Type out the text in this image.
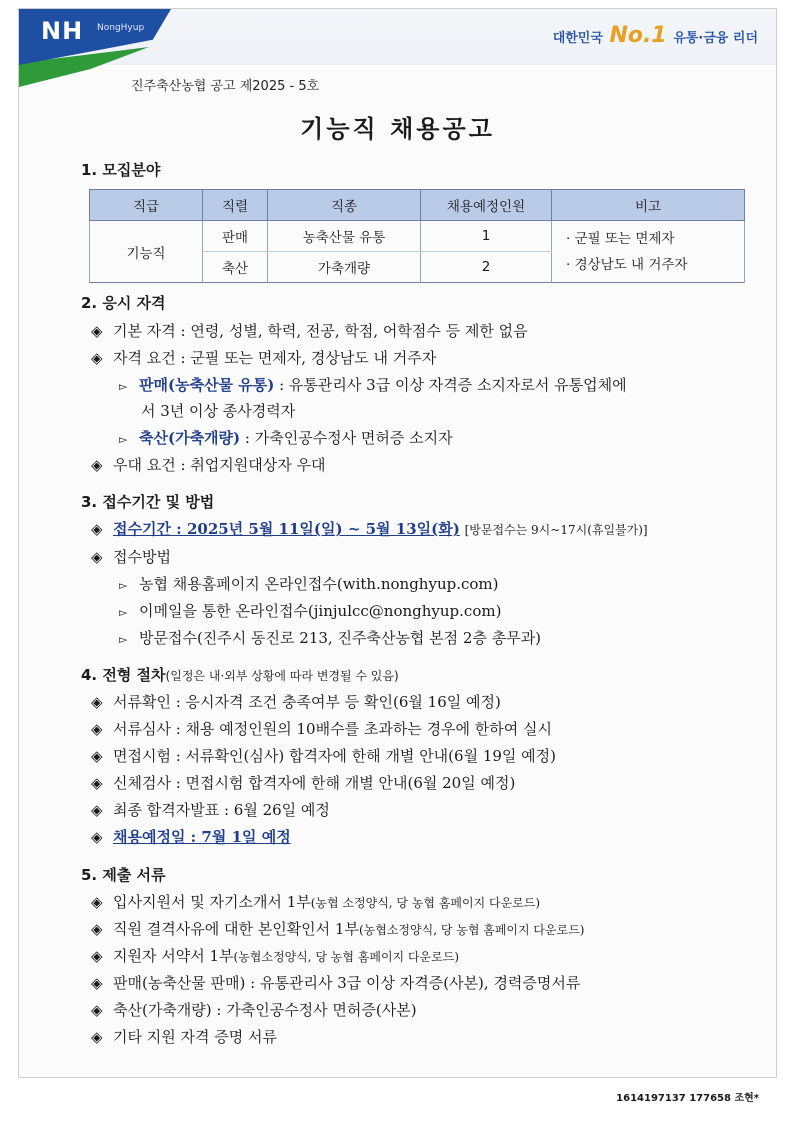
NH NongHyup
대한민국 No.1 유통·금융 리더
진주축산농협 공고 제2025 - 5호
기능직 채용공고
1. 모집분야
직급	직렬	직종	채용예정인원	비고
기능직	판매	농축산물 유통	1	· 군필 또는 면제자
· 경상남도 내 거주자

	축산	가축개량	2	
2. 응시 자격
◈ 기본 자격 : 연령, 성별, 학력, 전공, 학점, 어학점수 등 제한 없음
◈ 자격 요건 : 군필 또는 면제자, 경상남도 내 거주자
▻ 판매(농축산물 유통) : 유통관리사 3급 이상 자격증 소지자로서 유통업체에
서 3년 이상 종사경력자
▻ 축산(가축개량) : 가축인공수정사 면허증 소지자
◈ 우대 요건 : 취업지원대상자 우대
3. 접수기간 및 방법
◈ 접수기간 : 2025년 5월 11일(일) ~ 5월 13일(화) [방문접수는 9시~17시(휴일불가)]
◈ 접수방법
▻ 농협 채용홈페이지 온라인접수(with.nonghyup.com)
▻ 이메일을 통한 온라인접수(jinjulcc@nonghyup.com)
▻ 방문접수(진주시 동진로 213, 진주축산농협 본점 2층 총무과)
4. 전형 절차(일정은 내·외부 상황에 따라 변경될 수 있음)
◈ 서류확인 : 응시자격 조건 충족여부 등 확인(6월 16일 예정)
◈ 서류심사 : 채용 예정인원의 10배수를 초과하는 경우에 한하여 실시
◈ 면접시험 : 서류확인(심사) 합격자에 한해 개별 안내(6월 19일 예정)
◈ 신체검사 : 면접시험 합격자에 한해 개별 안내(6월 20일 예정)
◈ 최종 합격자발표 : 6월 26일 예정
◈ 채용예정일 : 7월 1일 예정
5. 제출 서류
◈ 입사지원서 및 자기소개서 1부(농협 소정양식, 당 농협 홈페이지 다운로드)
◈ 직원 결격사유에 대한 본인확인서 1부(농협소정양식, 당 농협 홈페이지 다운로드)
◈ 지원자 서약서 1부(농협소정양식, 당 농협 홈페이지 다운로드)
◈ 판매(농축산물 판매) : 유통관리사 3급 이상 자격증(사본), 경력증명서류
◈ 축산(가축개량) : 가축인공수정사 면허증(사본)
◈ 기타 지원 자격 증명 서류
1614197137 177658 조현*
